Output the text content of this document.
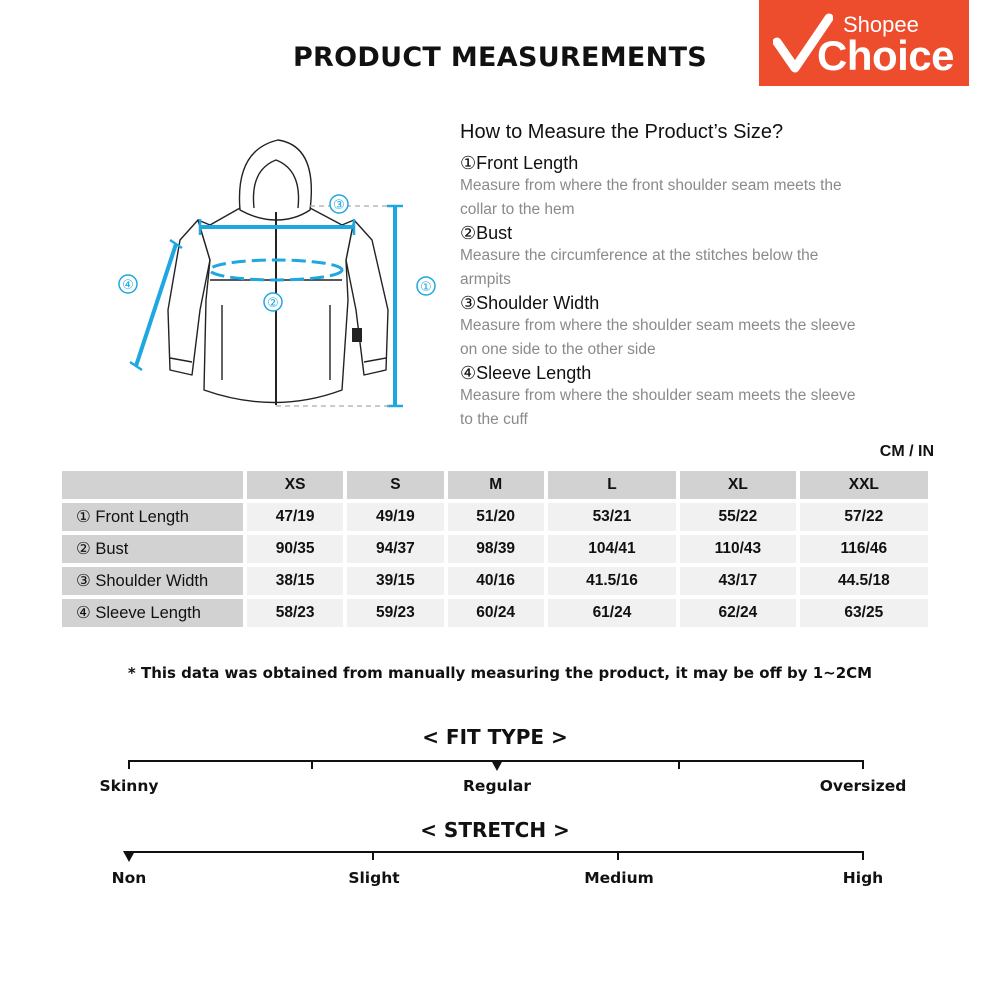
PRODUCT MEASUREMENTS
Shopee
Choice
③
②
①
④
How to Measure the Product’s Size?
①Front Length
Measure from where the front shoulder seam meets the
collar to the hem
②Bust
Measure the circumference at the stitches below the
armpits
③Shoulder Width
Measure from where the shoulder seam meets the sleeve
on one side to the other side
④Sleeve Length
Measure from where the shoulder seam meets the sleeve
to the cuff
CM / IN
	XS	S	M	L	XL	XXL
① Front Length	47/19	49/19	51/20	53/21	55/22	57/22
② Bust	90/35	94/37	98/39	104/41	110/43	116/46
③ Shoulder Width	38/15	39/15	40/16	41.5/16	43/17	44.5/18
④ Sleeve Length	58/23	59/23	60/24	61/24	62/24	63/25
* This data was obtained from manually measuring the product, it may be off by 1~2CM
< FIT TYPE >
Skinny	Regular	Oversized
< STRETCH >
Non	Slight	Medium	High
